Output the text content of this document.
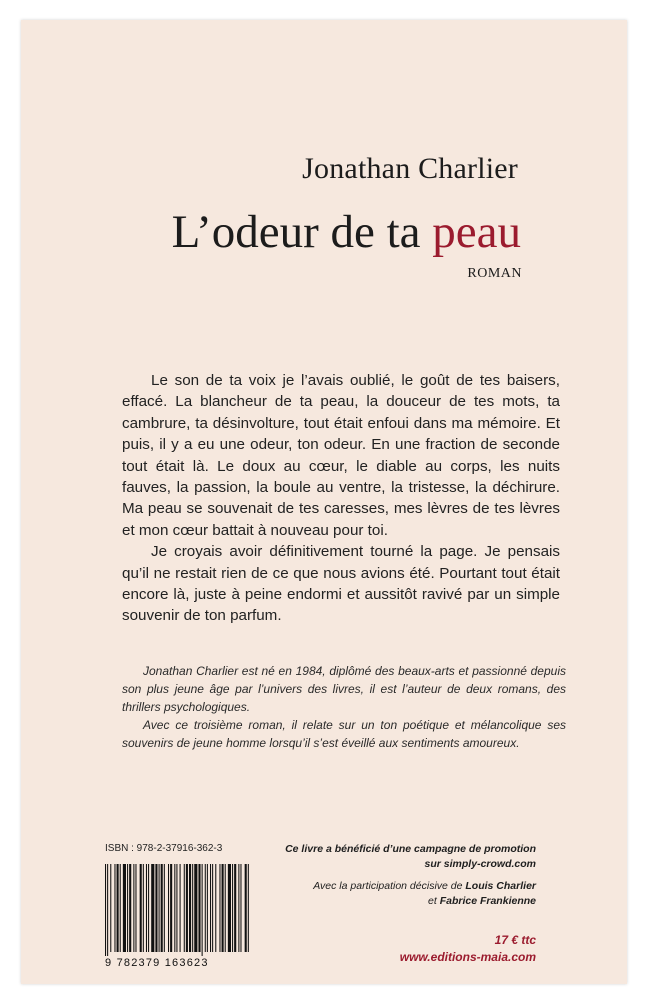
Jonathan Charlier
L’odeur de ta peau
ROMAN

Le son de ta voix je l’avais oublié, le goût de tes baisers, effacé. La blancheur de ta peau, la douceur de tes mots, ta cambrure, ta désinvolture, tout était enfoui dans ma mémoire. Et puis, il y a eu une odeur, ton odeur. En une fraction de seconde tout était là. Le doux au cœur, le diable au corps, les nuits fauves, la passion, la boule au ventre, la tristesse, la déchirure. Ma peau se souvenait de tes caresses, mes lèvres de tes lèvres et mon cœur battait à nouveau pour toi.

Je croyais avoir définitivement tourné la page. Je pensais qu’il ne restait rien de ce que nous avions été. Pourtant tout était encore là, juste à peine endormi et aussitôt ravivé par un simple souvenir de ton parfum.

Jonathan Charlier est né en 1984, diplômé des beaux-arts et passionné depuis son plus jeune âge par l’univers des livres, il est l’auteur de deux romans, des thrillers psychologiques.

Avec ce troisième roman, il relate sur un ton poétique et mélancolique ses souvenirs de jeune homme lorsqu’il s’est éveillé aux sentiments amoureux.

ISBN : 978-2-37916-362-3
9 782379 163623
Ce livre a bénéficié d’une campagne de promotion
sur simply-crowd.com
Avec la participation décisive de Louis Charlier
et Fabrice Frankienne
17 € ttc
www.editions-maia.com
